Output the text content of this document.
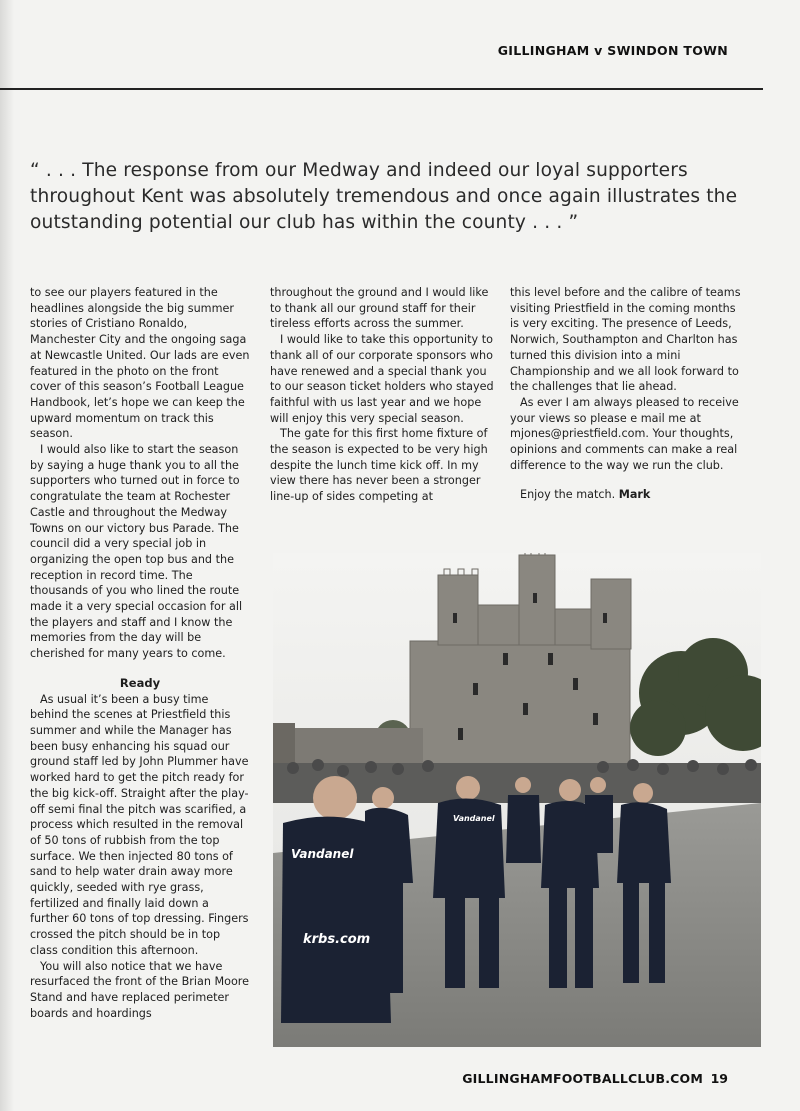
GILLINGHAM v SWINDON TOWN
“ . . . The response from our Medway and indeed our loyal supporters throughout Kent was absolutely tremendous and once again illustrates the outstanding potential our club has within the county . . . ”

to see our players featured in the headlines alongside the big summer stories of Cristiano Ronaldo, Manchester City and the ongoing saga at Newcastle United. Our lads are even featured in the photo on the front cover of this season’s Football League Handbook, let’s hope we can keep the upward momentum on track this season.

I would also like to start the season by saying a huge thank you to all the supporters who turned out in force to congratulate the team at Rochester Castle and throughout the Medway Towns on our victory bus Parade. The council did a very special job in organizing the open top bus and the reception in record time. The thousands of you who lined the route made it a very special occasion for all the players and staff and I know the memories from the day will be cherished for many years to come.

Ready

As usual it’s been a busy time behind the scenes at Priestfield this summer and while the Manager has been busy enhancing his squad our ground staff led by John Plummer have worked hard to get the pitch ready for the big kick-off. Straight after the play-off semi final the pitch was scarified, a process which resulted in the removal of 50 tons of rubbish from the top surface. We then injected 80 tons of sand to help water drain away more quickly, seeded with rye grass, fertilized and finally laid down a further 60 tons of top dressing. Fingers crossed the pitch should be in top class condition this afternoon.

You will also notice that we have resurfaced the front of the Brian Moore Stand and have replaced perimeter boards and hoardings

throughout the ground and I would like to thank all our ground staff for their tireless efforts across the summer.

I would like to take this opportunity to thank all of our corporate sponsors who have renewed and a special thank you to our season ticket holders who stayed faithful with us last year and we hope will enjoy this very special season.

The gate for this first home fixture of the season is expected to be very high despite the lunch time kick off. In my view there has never been a stronger line-up of sides competing at

this level before and the calibre of teams visiting Priestfield in the coming months is very exciting. The presence of Leeds, Norwich, Southampton and Charlton has turned this division into a mini Championship and we all look forward to the challenges that lie ahead.

As ever I am always pleased to receive your views so please e mail me at mjones@priestfield.com. Your thoughts, opinions and comments can make a real difference to the way we run the club.

Enjoy the match. Mark

Vandanel
krbs.com
Vandanel
GILLINGHAMFOOTBALLCLUB.COM 19
